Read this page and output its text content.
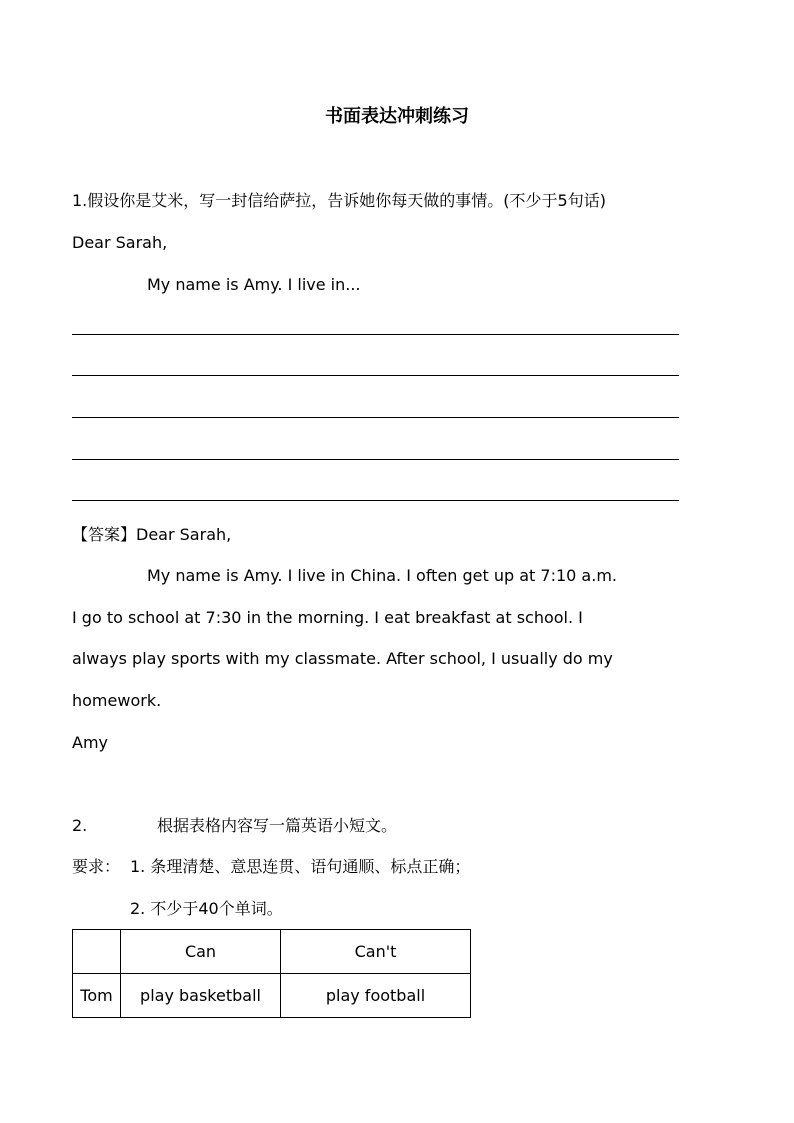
书面表达冲刺练习
1.假设你是艾米，写一封信给萨拉，告诉她你每天做的事情。(不少于5句话)
Dear Sarah,
My name is Amy. I live in...
【答案】Dear Sarah,
My name is Amy. I live in China. I often get up at 7:10 a.m.
I go to school at 7:30 in the morning. I eat breakfast at school. I
always play sports with my classmate. After school, I usually do my
homework.
Amy
2.	根据表格内容写一篇英语小短文。
要求： 1. 条理清楚、意思连贯、语句通顺、标点正确；
2. 不少于40个单词。
	Can	Can't
Tom	play basketball	play football
